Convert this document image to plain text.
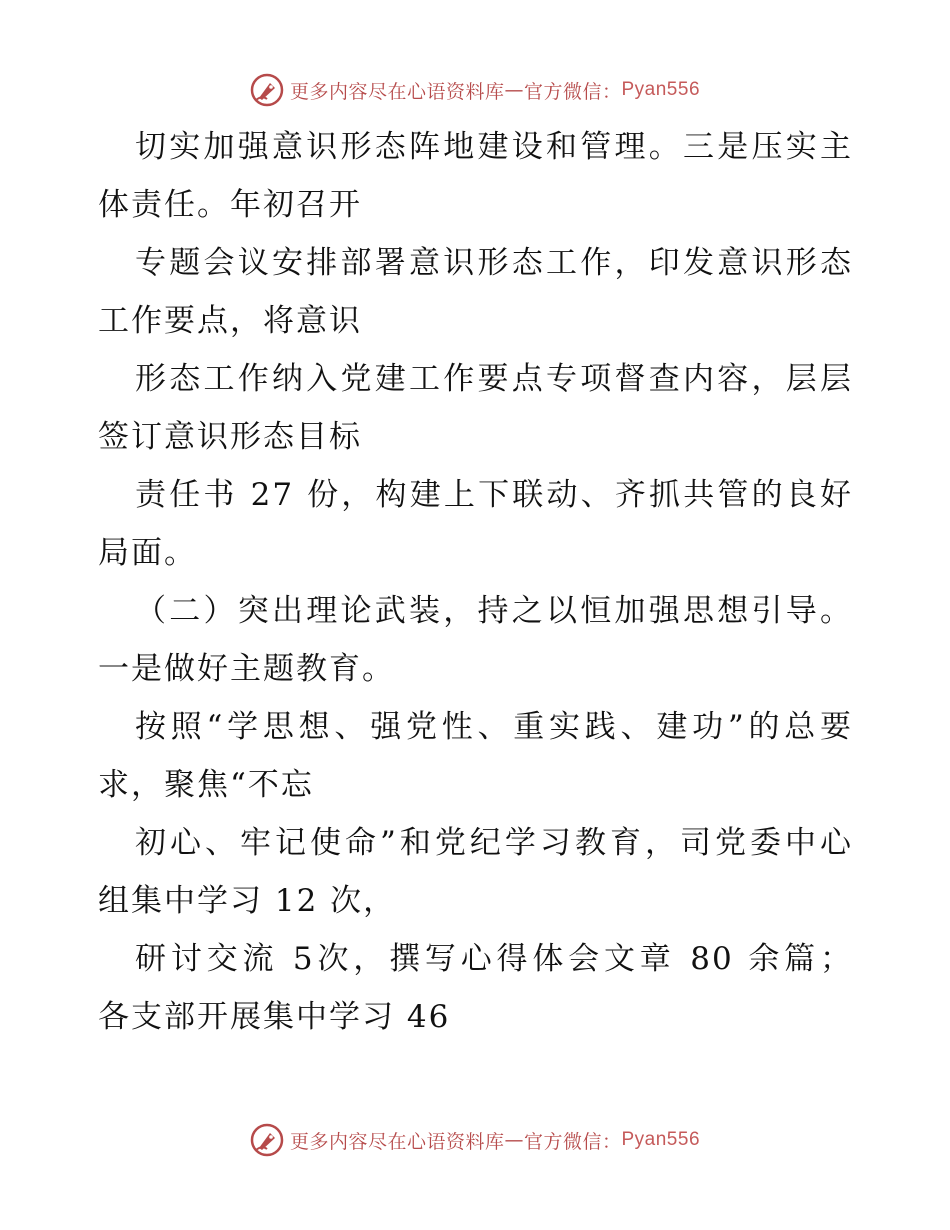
更多内容尽在心语资料库 — 官方微信： Pyan556

切实加强意识形态阵地建设和管理。三是压实主
体责任。年初召开

专题会议安排部署意识形态工作，印发意识形态
工作要点，将意识

形态工作纳入党建工作要点专项督查内容，层层
签订意识形态目标

责任书 27 份，构建上下联动、齐抓共管的良好
局面。

（二）突出理论武装，持之以恒加强思想引导。
一是做好主题教育。

按照“学思想、强党性、重实践、建功”的总要
求，聚焦“不忘

初心、牢记使命”和党纪学习教育，司党委中心
组集中学习 12 次，

研讨交流 5次，撰写心得体会文章 80 余篇；
各支部开展集中学习 46

更多内容尽在心语资料库 — 官方微信： Pyan556
